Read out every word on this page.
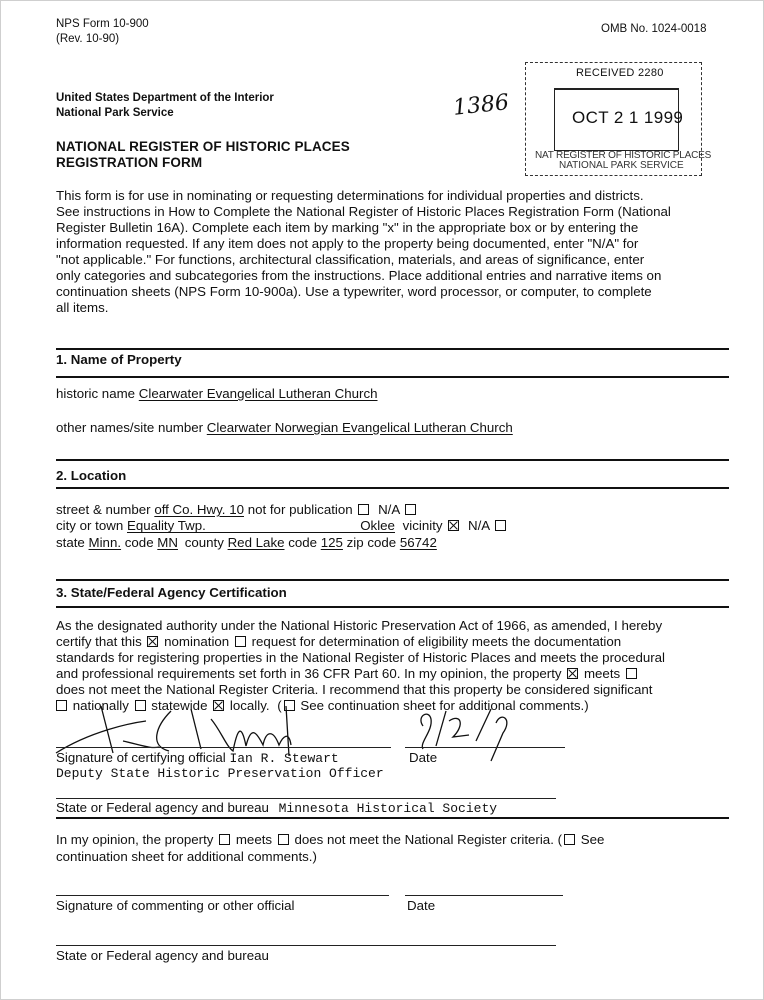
NPS Form 10-900
(Rev. 10-90)
OMB No. 1024-0018
United States Department of the Interior
National Park Service
NATIONAL REGISTER OF HISTORIC PLACES
REGISTRATION FORM
1386
RECEIVED 2280
OCT 2 1 1999
NAT REGISTER OF HISTORIC PLACES
NATIONAL PARK SERVICE
This form is for use in nominating or requesting determinations for individual properties and districts.
See instructions in How to Complete the National Register of Historic Places Registration Form (National
Register Bulletin 16A). Complete each item by marking "x" in the appropriate box or by entering the
information requested. If any item does not apply to the property being documented, enter "N/A" for
"not applicable." For functions, architectural classification, materials, and areas of significance, enter
only categories and subcategories from the instructions. Place additional entries and narrative items on
continuation sheets (NPS Form 10-900a). Use a typewriter, word processor, or computer, to complete
all items.
1. Name of Property
historic name Clearwater Evangelical Lutheran Church
other names/site number Clearwater Norwegian Evangelical Lutheran Church
2. Location
street & number off Co. Hwy. 10 not for publication N/A
city or town Equality Twp.	Oklee vicinity N/A
state Minn. code MN county Red Lake code 125 zip code 56742
3. State/Federal Agency Certification
As the designated authority under the National Historic Preservation Act of 1966, as amended, I hereby
certify that this nomination request for determination of eligibility meets the documentation
standards for registering properties in the National Register of Historic Places and meets the procedural
and professional requirements set forth in 36 CFR Part 60. In my opinion, the property meets
does not meet the National Register Criteria. I recommend that this property be considered significant
nationally statewide locally. ( See continuation sheet for additional comments.)
Signature of certifying official Ian R. Stewart	Date
Deputy State Historic Preservation Officer
State or Federal agency and bureau Minnesota Historical Society
In my opinion, the property meets does not meet the National Register criteria. ( See
continuation sheet for additional comments.)
Signature of commenting or other official	Date
State or Federal agency and bureau
